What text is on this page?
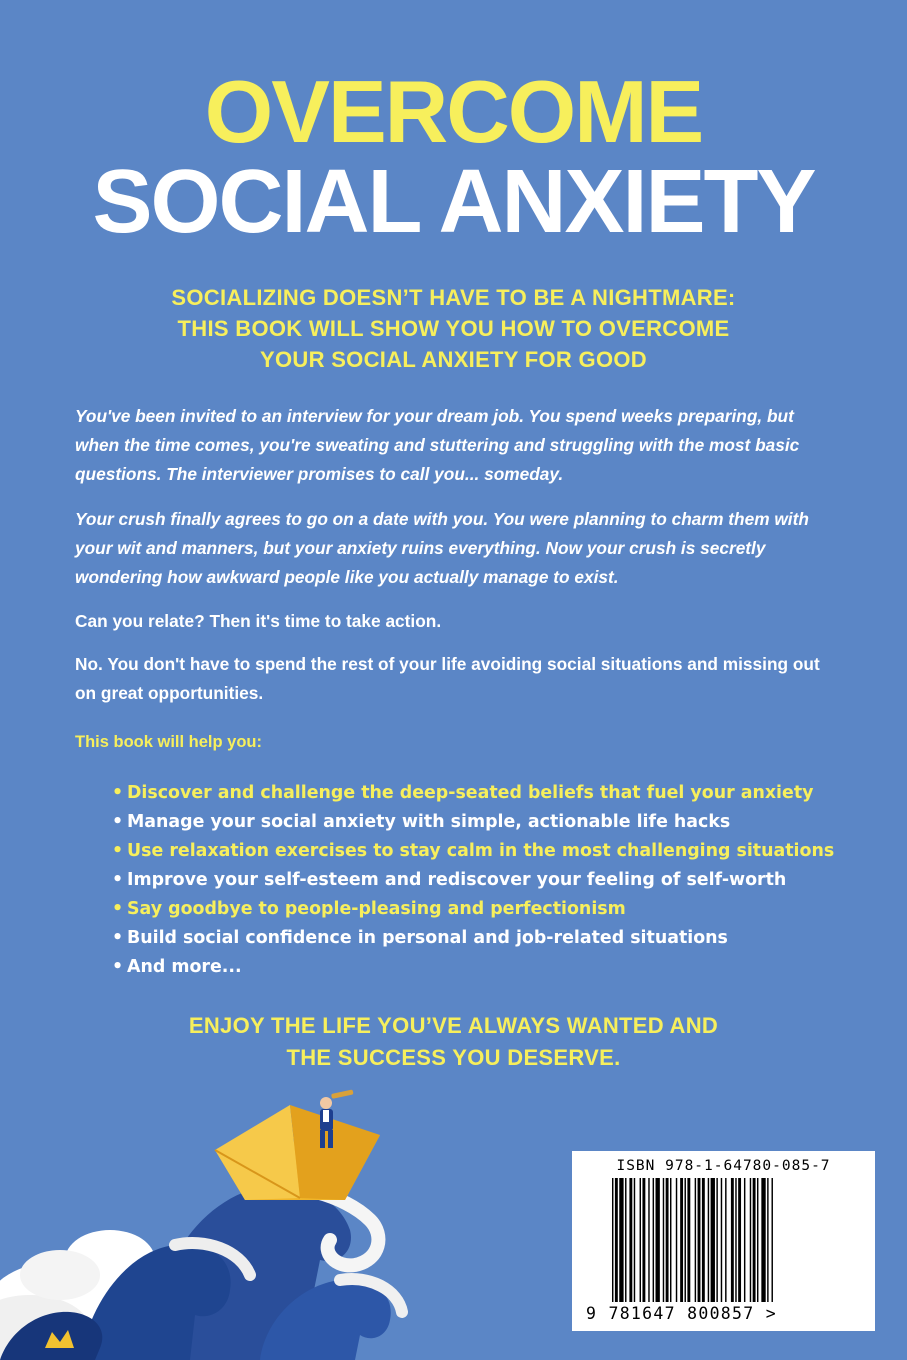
OVERCOME
SOCIAL ANXIETY
SOCIALIZING DOESN’T HAVE TO BE A NIGHTMARE:
THIS BOOK WILL SHOW YOU HOW TO OVERCOME
YOUR SOCIAL ANXIETY FOR GOOD

You've been invited to an interview for your dream job. You spend weeks preparing, but when the time comes, you're sweating and stuttering and struggling with the most basic questions. The interviewer promises to call you... someday.

Your crush finally agrees to go on a date with you. You were planning to charm them with your wit and manners, but your anxiety ruins everything. Now your crush is secretly wondering how awkward people like you actually manage to exist.

Can you relate? Then it's time to take action.

No. You don't have to spend the rest of your life avoiding social situations and missing out on great opportunities.

This book will help you:
• Discover and challenge the deep-seated beliefs that fuel your anxiety
• Manage your social anxiety with simple, actionable life hacks
• Use relaxation exercises to stay calm in the most challenging situations
• Improve your self-esteem and rediscover your feeling of self-worth
• Say goodbye to people-pleasing and perfectionism
• Build social confidence in personal and job-related situations
• And more...
ENJOY THE LIFE YOU’VE ALWAYS WANTED AND
THE SUCCESS YOU DESERVE.
ISBN 978-1-64780-085-7
9 781647 800857 >
